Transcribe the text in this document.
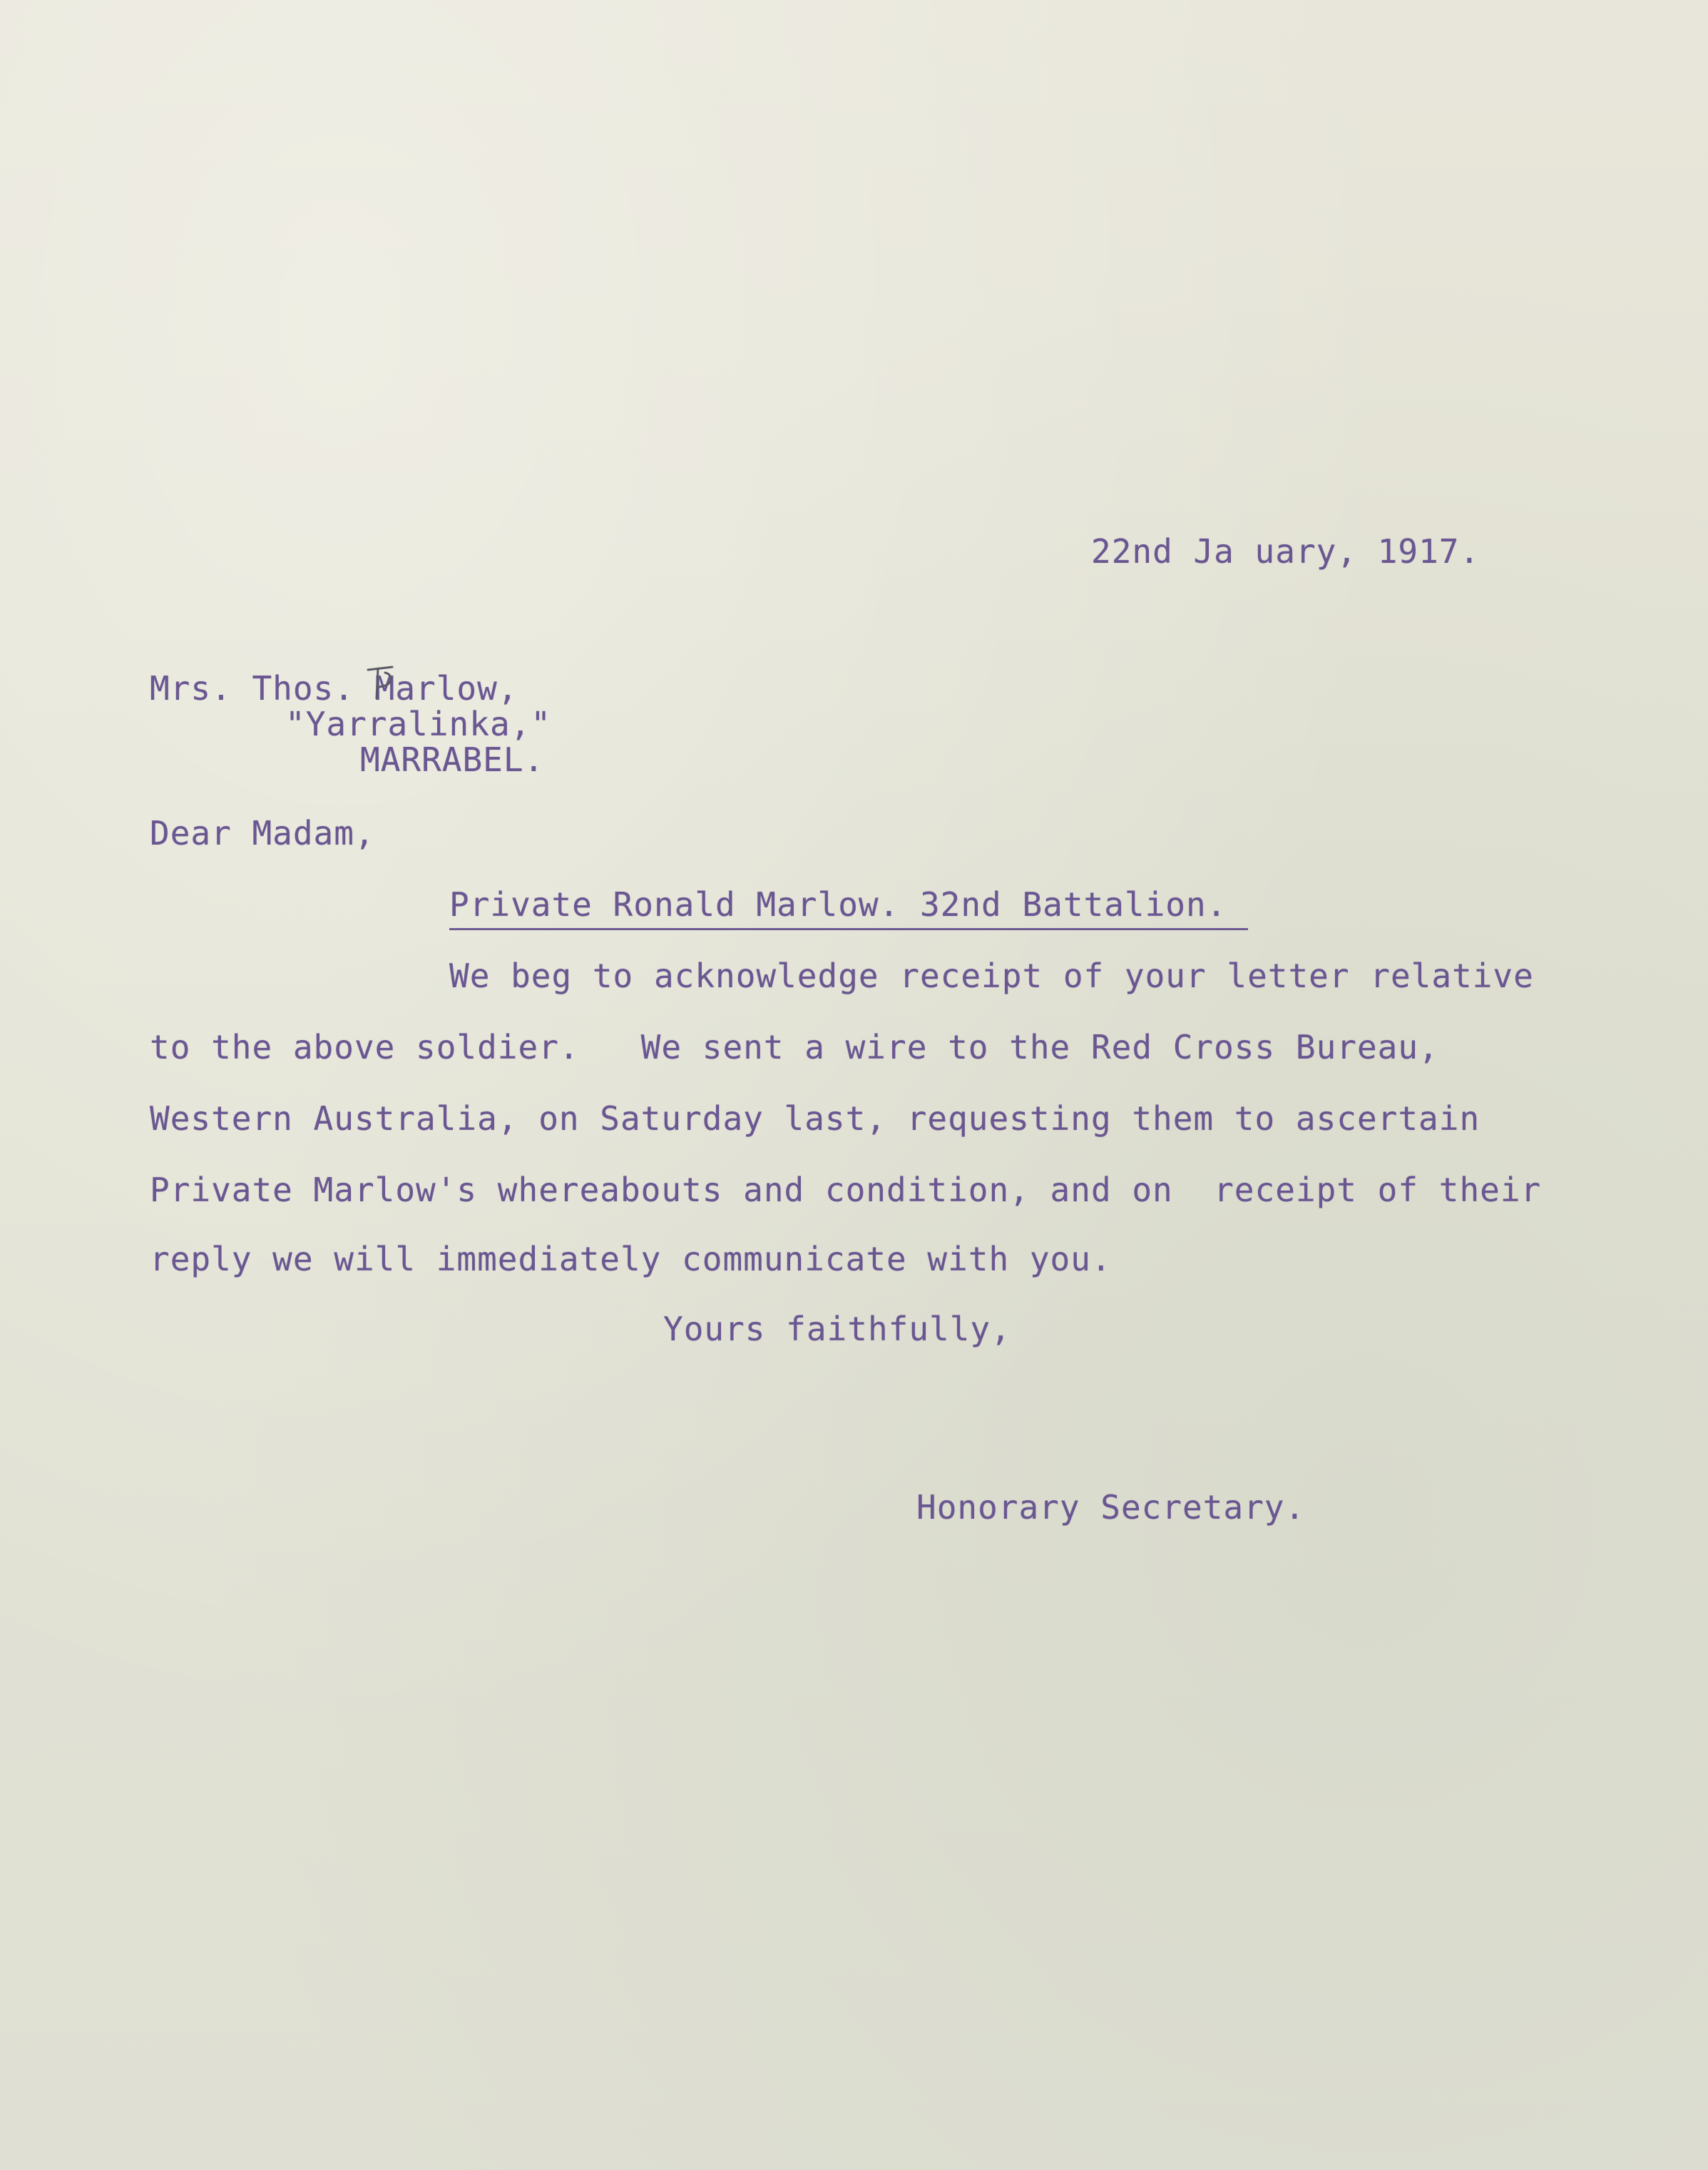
22nd Ja uary, 1917.
Mrs. Thos. Marlow,
"Yarralinka,"
MARRABEL.
Dear Madam,
Private Ronald Marlow. 32nd Battalion.
We beg to acknowledge receipt of your letter relative
to the above soldier.   We sent a wire to the Red Cross Bureau,
Western Australia, on Saturday last, requesting them to ascertain
Private Marlow's whereabouts and condition, and on  receipt of their
reply we will immediately communicate with you.
Yours faithfully,
Honorary Secretary.
